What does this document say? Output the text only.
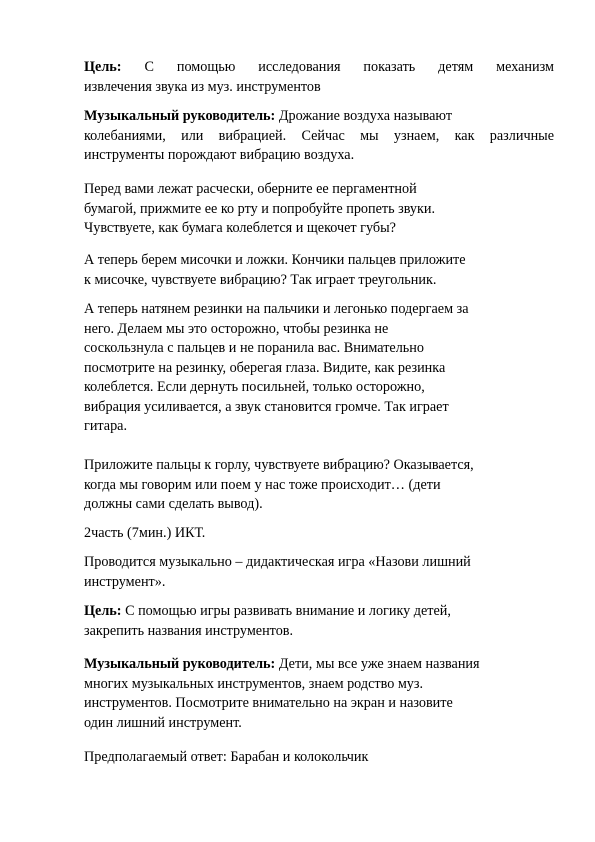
Цель: С помощью исследования показать детям механизм
извлечения звука из муз. инструментов
Музыкальный руководитель: Дрожание воздуха называют
колебаниями, или вибрацией. Сейчас мы узнаем, как различные
инструменты порождают вибрацию воздуха.
Перед вами лежат расчески, оберните ее пергаментной
бумагой, прижмите ее ко рту и попробуйте пропеть звуки.
Чувствуете, как бумага колеблется и щекочет губы?
А теперь берем мисочки и ложки. Кончики пальцев приложите
к мисочке, чувствуете вибрацию? Так играет треугольник.
А теперь натянем резинки на пальчики и легонько подергаем за
него. Делаем мы это осторожно, чтобы резинка не
соскользнула с пальцев и не поранила вас. Внимательно
посмотрите на резинку, оберегая глаза. Видите, как резинка
колеблется. Если дернуть посильней, только осторожно,
вибрация усиливается, а звук становится громче. Так играет
гитара.
Приложите пальцы к горлу, чувствуете вибрацию? Оказывается,
когда мы говорим или поем у нас тоже происходит… (дети
должны сами сделать вывод).
2часть (7мин.) ИКТ.
Проводится музыкально – дидактическая игра «Назови лишний
инструмент».
Цель: С помощью игры развивать внимание и логику детей,
закрепить названия инструментов.
Музыкальный руководитель: Дети, мы все уже знаем названия
многих музыкальных инструментов, знаем родство муз.
инструментов. Посмотрите внимательно на экран и назовите
один лишний инструмент.
Предполагаемый ответ: Барабан и колокольчик
